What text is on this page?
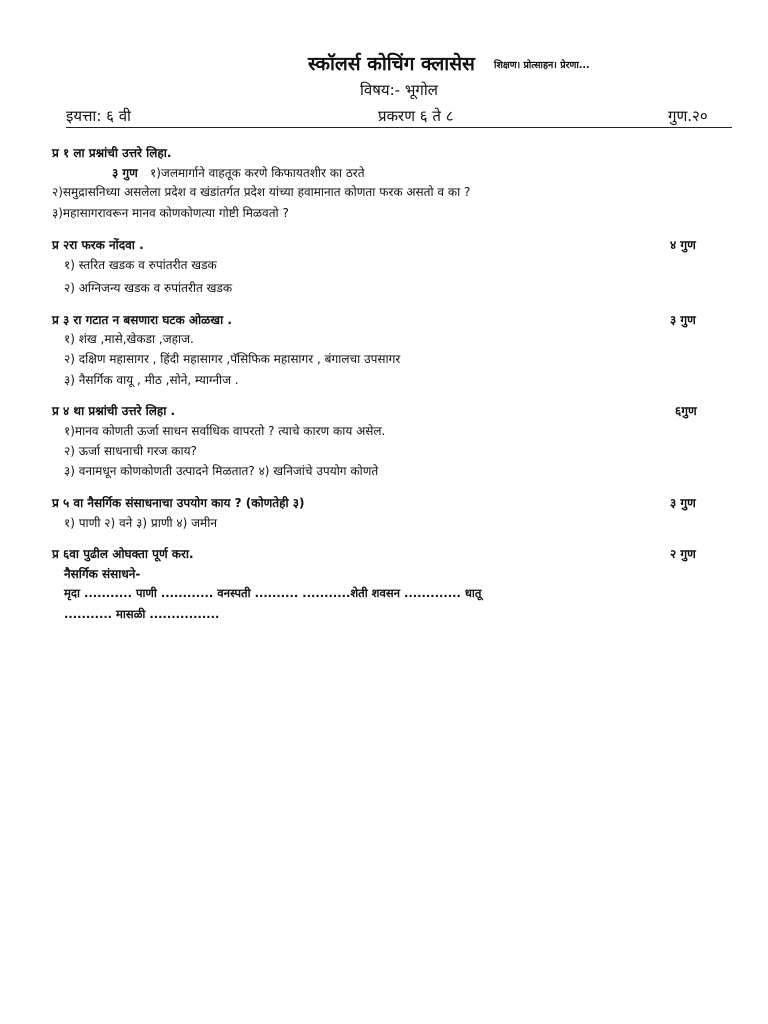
स्कॉलर्स कोचिंग क्लासेस शिक्षण। प्रोत्साहन। प्रेरणा...
विषय:- भूगोल
इयत्ता: ६ वी	प्रकरण ६ ते ८	गुण.२०
प्र १ ला प्रश्नांची उत्तरे लिहा.
३ गुण १)जलमार्गाने वाहतूक करणे किफायतशीर का ठरते
२)समुद्रासनिध्या असलेला प्रदेश व खंडांतर्गत प्रदेश यांच्या हवामानात कोणता फरक असतो व का ?
३)महासागरावरून मानव कोणकोणत्या गोष्टी मिळवतो ?
प्र २रा फरक नोंदवा .	४ गुण
१) स्तरित खडक व रुपांतरीत खडक
२) अग्निजन्य खडक व रुपांतरीत खडक
प्र ३ रा गटात न बसणारा घटक ओळखा .	३ गुण
१) शंख ,मासे,खेकडा ,जहाज.
२) दक्षिण महासागर , हिंदी महासागर ,पॅसिफिक महासागर , बंगालचा उपसागर
३) नैसर्गिक वायू , मीठ ,सोने, म्याग्नीज .
प्र ४ था प्रश्नांची उत्तरे लिहा .	६गुण
१)मानव कोणती ऊर्जा साधन सर्वाधिक वापरतो ? त्याचे कारण काय असेल.
२) ऊर्जा साधनाची गरज काय?
३) वनामधून कोणकोणती उत्पादने मिळतात? ४) खनिजांचे उपयोग कोणते
प्र ५ वा नैसर्गिक संसाधनाचा उपयोग काय ? (कोणतेही ३)	३ गुण
१) पाणी २) वने ३) प्राणी ४) जमीन
प्र ६वा पुढील ओघक्ता पूर्ण करा.	२ गुण
नैसर्गिक संसाधने-
मृदा ........... पाणी ............ वनस्पती .......... ...........शेती शवसन ............. धातू
........... मासळी ................
